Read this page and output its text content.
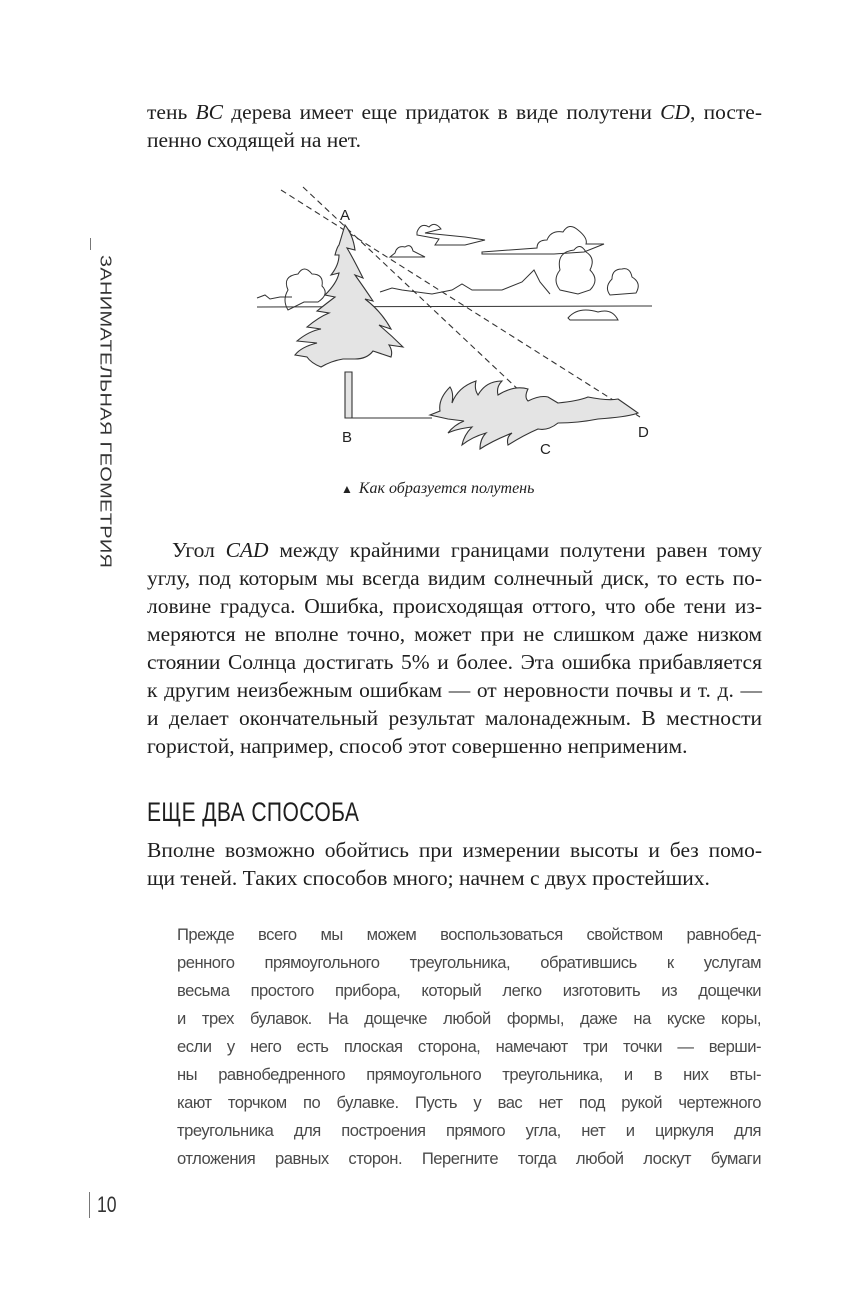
ЗАНИМАТЕЛЬНАЯ ГЕОМЕТРИЯ
тень BC дерева имеет еще придаток в виде полутени CD, посте-
пенно сходящей на нет.
A
B
C
D
▲ Как образуется полутень
Угол CAD между крайними границами полутени равен тому
углу, под которым мы всегда видим солнечный диск, то есть по-
ловине градуса. Ошибка, происходящая оттого, что обе тени из-
меряются не вполне точно, может при не слишком даже низком
стоянии Солнца достигать 5% и более. Эта ошибка прибавляется
к другим неизбежным ошибкам — от неровности почвы и т. д. —
и делает окончательный результат малонадежным. В местности
гористой, например, способ этот совершенно неприменим.
ЕЩЕ ДВА СПОСОБА
Вполне возможно обойтись при измерении высоты и без помо-
щи теней. Таких способов много; начнем с двух простейших.
Прежде всего мы можем воспользоваться свойством равнобед-
ренного прямоугольного треугольника, обратившись к услугам
весьма простого прибора, который легко изготовить из дощечки
и трех булавок. На дощечке любой формы, даже на куске коры,
если у него есть плоская сторона, намечают три точки — верши-
ны равнобедренного прямоугольного треугольника, и в них вты-
кают торчком по булавке. Пусть у вас нет под рукой чертежного
треугольника для построения прямого угла, нет и циркуля для
отложения равных сторон. Перегните тогда любой лоскут бумаги
10
